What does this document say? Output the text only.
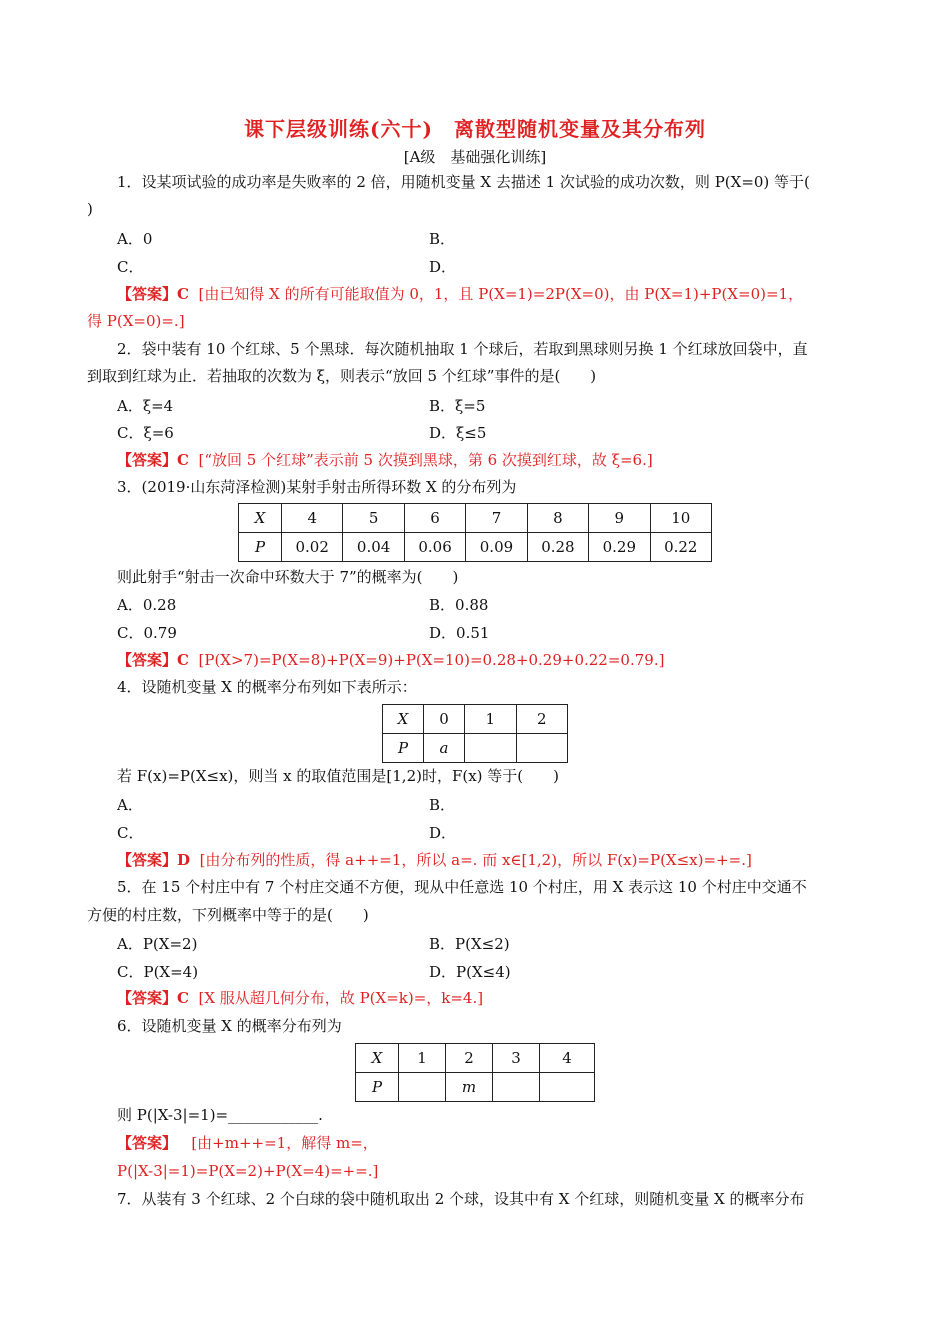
课下层级训练(六十)　离散型随机变量及其分布列
[A级　基础强化训练]
1．设某项试验的成功率是失败率的 2 倍，用随机变量 X 去描述 1 次试验的成功次数，则 P(X=0) 等于(
)
A．0	B．
C．	D．
【答案】C [由已知得 X 的所有可能取值为 0，1，且 P(X=1)=2P(X=0)，由 P(X=1)+P(X=0)=1，
得 P(X=0)=.]
2．袋中装有 10 个红球、5 个黑球．每次随机抽取 1 个球后，若取到黑球则另换 1 个红球放回袋中，直
到取到红球为止．若抽取的次数为 ξ，则表示“放回 5 个红球”事件的是(　　)
A．ξ=4	B．ξ=5
C．ξ=6	D．ξ≤5
【答案】C [“放回 5 个红球”表示前 5 次摸到黑球，第 6 次摸到红球，故 ξ=6.]
3．(2019·山东菏泽检测)某射手射击所得环数 X 的分布列为
X	4	5	6	7	8	9	10
P	0.02	0.04	0.06	0.09	0.28	0.29	0.22
则此射手“射击一次命中环数大于 7”的概率为(　　)
A．0.28	B．0.88
C．0.79	D．0.51
【答案】C [P(X>7)=P(X=8)+P(X=9)+P(X=10)=0.28+0.29+0.22=0.79.]
4．设随机变量 X 的概率分布列如下表所示：
X	0	1	2
P	a		
若 F(x)=P(X≤x)，则当 x 的取值范围是[1,2)时，F(x) 等于(　　)
A．	B．
C．	D．
【答案】D [由分布列的性质，得 a++=1，所以 a=. 而 x∈[1,2)，所以 F(x)=P(X≤x)=+=.]
5．在 15 个村庄中有 7 个村庄交通不方便，现从中任意选 10 个村庄，用 X 表示这 10 个村庄中交通不
方便的村庄数，下列概率中等于的是(　　)
A．P(X=2)	B．P(X≤2)
C．P(X=4)	D．P(X≤4)
【答案】C [X 服从超几何分布，故 P(X=k)=，k=4.]
6．设随机变量 X 的概率分布列为
X	1	2	3	4
P		m		
则 P(|X-3|=1)=____________.
【答案】 [由+m++=1，解得 m=，
P(|X-3|=1)=P(X=2)+P(X=4)=+=.]
7．从装有 3 个红球、2 个白球的袋中随机取出 2 个球，设其中有 X 个红球，则随机变量 X 的概率分布
